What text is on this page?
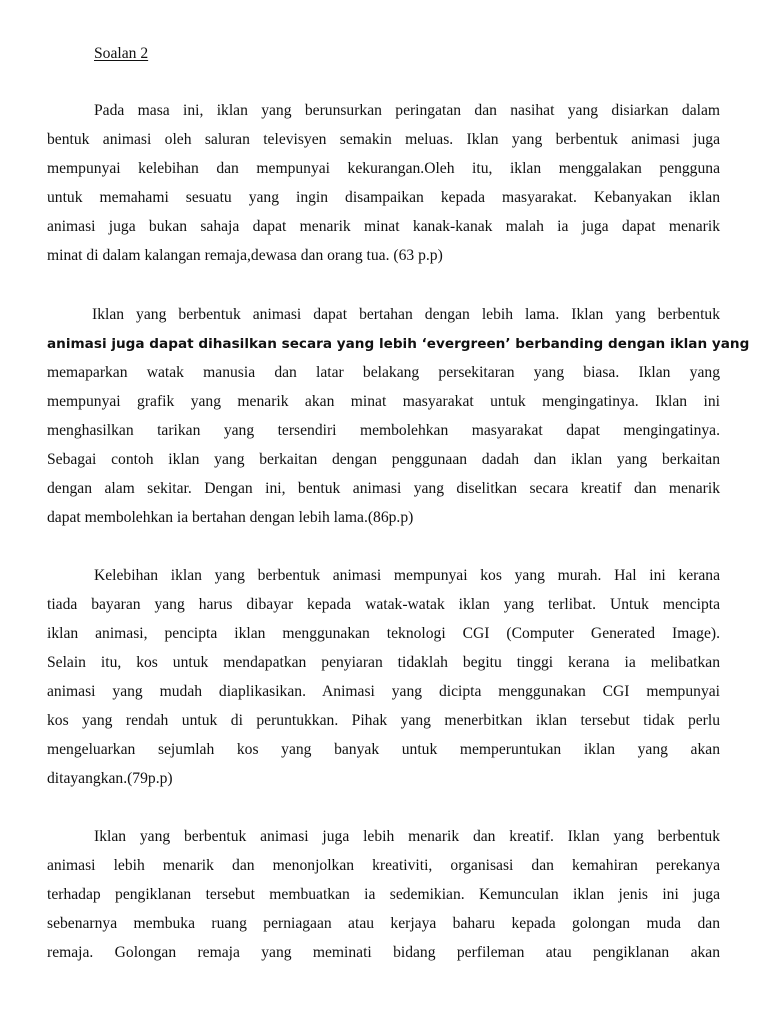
Soalan 2
Pada masa ini, iklan yang berunsurkan peringatan dan nasihat yang disiarkan dalam
bentuk animasi oleh saluran televisyen semakin meluas. Iklan yang berbentuk animasi juga
mempunyai kelebihan dan mempunyai kekurangan.Oleh itu, iklan menggalakan pengguna
untuk memahami sesuatu yang ingin disampaikan kepada masyarakat. Kebanyakan iklan
animasi juga bukan sahaja dapat menarik minat kanak-kanak malah ia juga dapat menarik
minat di dalam kalangan remaja,dewasa dan orang tua. (63 p.p)
Iklan yang berbentuk animasi dapat bertahan dengan lebih lama. Iklan yang berbentuk
animasi juga dapat dihasilkan secara yang lebih ‘evergreen’ berbanding dengan iklan yang
memaparkan watak manusia dan latar belakang persekitaran yang biasa. Iklan yang
mempunyai grafik yang menarik akan minat masyarakat untuk mengingatinya. Iklan ini
menghasilkan tarikan yang tersendiri membolehkan masyarakat dapat mengingatinya.
Sebagai contoh iklan yang berkaitan dengan penggunaan dadah dan iklan yang berkaitan
dengan alam sekitar. Dengan ini, bentuk animasi yang diselitkan secara kreatif dan menarik
dapat membolehkan ia bertahan dengan lebih lama.(86p.p)
Kelebihan iklan yang berbentuk animasi mempunyai kos yang murah. Hal ini kerana
tiada bayaran yang harus dibayar kepada watak-watak iklan yang terlibat. Untuk mencipta
iklan animasi, pencipta iklan menggunakan teknologi CGI (Computer Generated Image).
Selain itu, kos untuk mendapatkan penyiaran tidaklah begitu tinggi kerana ia melibatkan
animasi yang mudah diaplikasikan. Animasi yang dicipta menggunakan CGI mempunyai
kos yang rendah untuk di peruntukkan. Pihak yang menerbitkan iklan tersebut tidak perlu
mengeluarkan sejumlah kos yang banyak untuk memperuntukan iklan yang akan
ditayangkan.(79p.p)
Iklan yang berbentuk animasi juga lebih menarik dan kreatif. Iklan yang berbentuk
animasi lebih menarik dan menonjolkan kreativiti, organisasi dan kemahiran perekanya
terhadap pengiklanan tersebut membuatkan ia sedemikian. Kemunculan iklan jenis ini juga
sebenarnya membuka ruang perniagaan atau kerjaya baharu kepada golongan muda dan
remaja. Golongan remaja yang meminati bidang perfileman atau pengiklanan akan
